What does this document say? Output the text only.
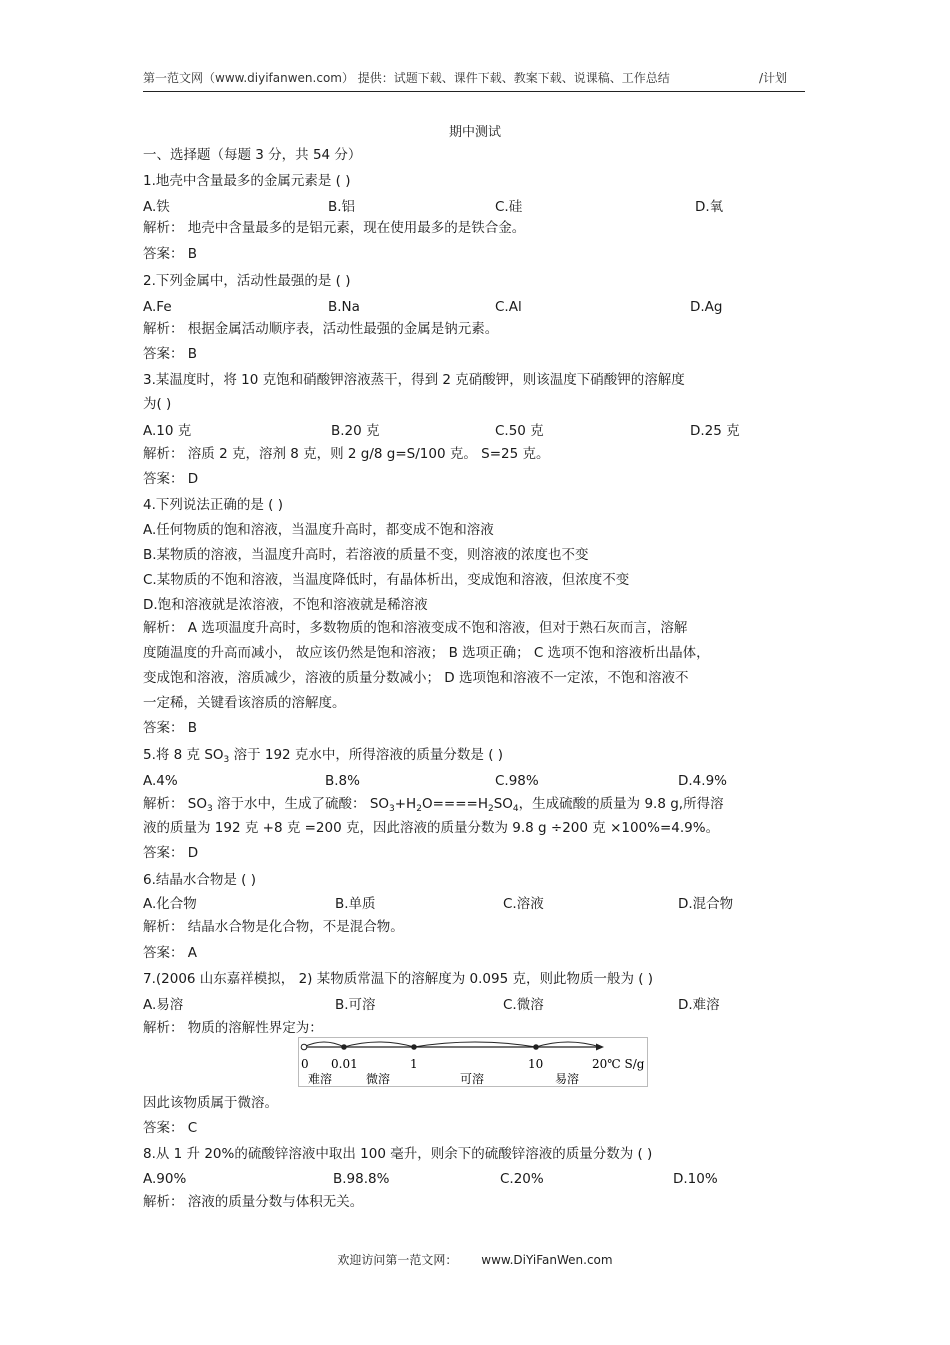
第一范文网（www.diyifanwen.com） 提供：试题下载、课件下载、教案下载、说课稿、工作总结	/计划
期中测试
一、选择题（每题 3 分，共 54 分）
1.地壳中含量最多的金属元素是 ( )
A.铁	B.铝	C.硅	D.氧
解析： 地壳中含量最多的是铝元素，现在使用最多的是铁合金。
答案： B
2.下列金属中，活动性最强的是 ( )
A.Fe	B.Na	C.Al	D.Ag
解析： 根据金属活动顺序表，活动性最强的金属是钠元素。
答案： B
3.某温度时，将 10 克饱和硝酸钾溶液蒸干，得到 2 克硝酸钾，则该温度下硝酸钾的溶解度
为( )
A.10 克	B.20 克	C.50 克	D.25 克
解析： 溶质 2 克，溶剂 8 克，则 2 g/8 g=S/100 克。 S=25 克。
答案： D
4.下列说法正确的是 ( )
A.任何物质的饱和溶液，当温度升高时，都变成不饱和溶液
B.某物质的溶液，当温度升高时，若溶液的质量不变，则溶液的浓度也不变
C.某物质的不饱和溶液，当温度降低时，有晶体析出，变成饱和溶液，但浓度不变
D.饱和溶液就是浓溶液，不饱和溶液就是稀溶液
解析： A 选项温度升高时，多数物质的饱和溶液变成不饱和溶液，但对于熟石灰而言，溶解
度随温度的升高而减小， 故应该仍然是饱和溶液； B 选项正确； C 选项不饱和溶液析出晶体，
变成饱和溶液，溶质减少，溶液的质量分数减小； D 选项饱和溶液不一定浓，不饱和溶液不
一定稀，关键看该溶质的溶解度。
答案： B
5.将 8 克 $SO_3$ 溶于 192 克水中，所得溶液的质量分数是 ( )
A.4%	B.8%	C.98%	D.4.9%
解析： $SO_3$ 溶于水中，生成了硫酸： $SO_3+H_2O====H_2SO_4$，生成硫酸的质量为 9.8 g,所得溶
液的质量为 192 克 +8 克 =200 克，因此溶液的质量分数为 9.8 g ÷200 克 ×100%=4.9%。
答案： D
6.结晶水合物是 ( )
A.化合物	B.单质	C.溶液	D.混合物
解析： 结晶水合物是化合物，不是混合物。
答案： A
7.(2006 山东嘉祥模拟， 2) 某物质常温下的溶解度为 0.095 克，则此物质一般为 ( )
A.易溶	B.可溶	C.微溶	D.难溶
解析： 物质的溶解性界定为：
0 0.01	1	10	20℃ S/g
难溶	微溶	可溶	易溶
因此该物质属于微溶。
答案： C
8.从 1 升 20%的硫酸锌溶液中取出 100 毫升，则余下的硫酸锌溶液的质量分数为 ( )
A.90%	B.98.8%	C.20%	D.10%
解析： 溶液的质量分数与体积无关。
欢迎访问第一范文网： www.DiYiFanWen.com
